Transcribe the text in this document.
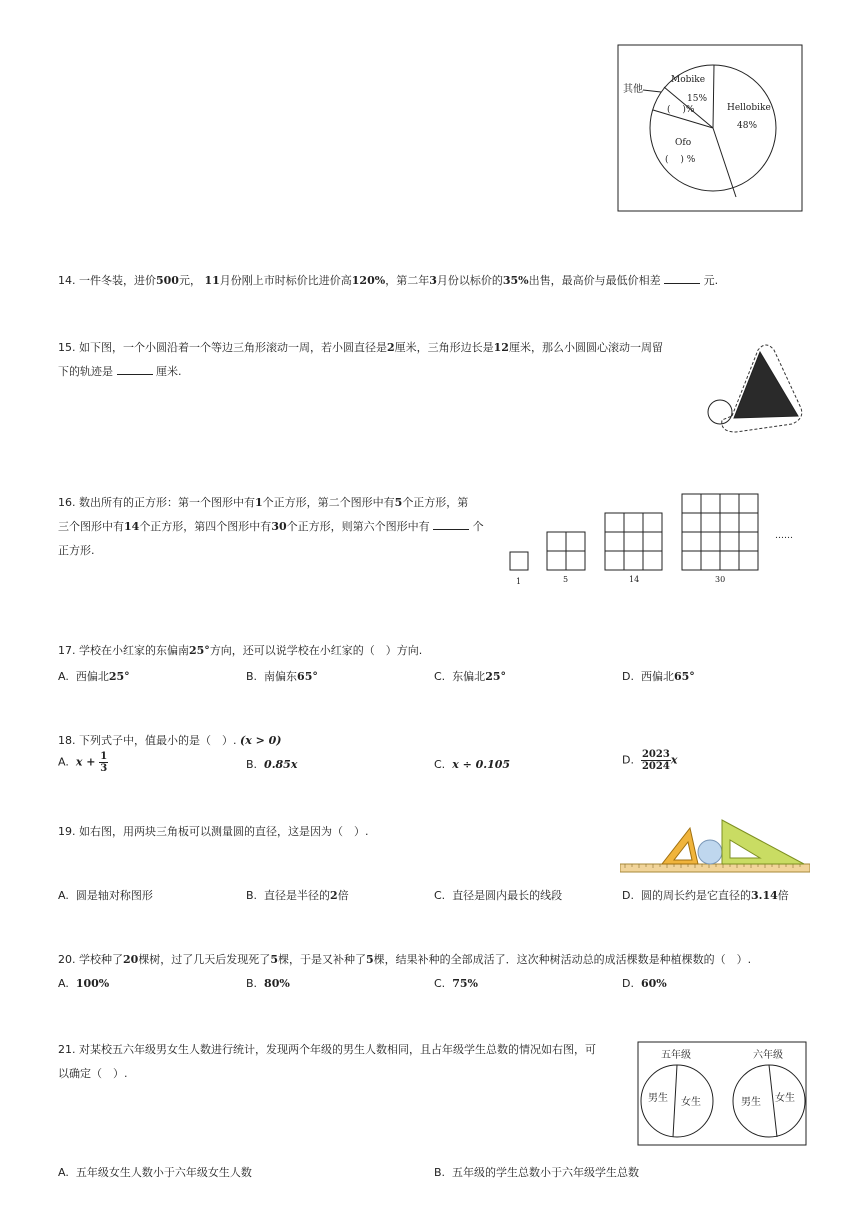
其他
Mobike
15%
(　 )%	Hellobike
48%
Ofo
(　 ) %
14. 一件冬装，进价500元， 11月份刚上市时标价比进价高120%，第二年3月份以标价的35%出售，最高价与最低价相差	元.
15. 如下图，一个小圆沿着一个等边三角形滚动一周，若小圆直径是2厘米，三角形边长是12厘米，那么小圆圆心滚动一周留
下的轨迹是	厘米.
16. 数出所有的正方形：第一个图形中有1个正方形，第二个图形中有5个正方形，第
三个图形中有14个正方形，第四个图形中有30个正方形，则第六个图形中有	个
正方形.
1	5	14	30
……
17. 学校在小红家的东偏南25°方向，还可以说学校在小红家的（　）方向.
A. 西偏北25°	B. 南偏东65°	C. 东偏北25°	D. 西偏北65°
18. 下列式子中，值最小的是（　）. (x > 0)
A. $x + \frac{1}{3}$	B. 0.85x	C. x ÷ 0.105	D. $\frac{2023}{2024}$ x
19. 如右图，用两块三角板可以测量圆的直径，这是因为（　）.
A. 圆是轴对称图形	B. 直径是半径的2倍	C. 直径是圆内最长的线段	D. 圆的周长约是它直径的3.14倍
20. 学校种了20棵树，过了几天后发现死了5棵，于是又补种了5棵，结果补种的全部成活了．这次种树活动总的成活棵数是种植棵数的（　）.
A. 100%	B. 80%	C. 75%	D. 60%
21. 对某校五六年级男女生人数进行统计，发现两个年级的男生人数相同，且占年级学生总数的情况如右图，可
以确定（　）.
五年级	六年级
男生 女生	男生 女生
A. 五年级女生人数小于六年级女生人数	B. 五年级的学生总数小于六年级学生总数
